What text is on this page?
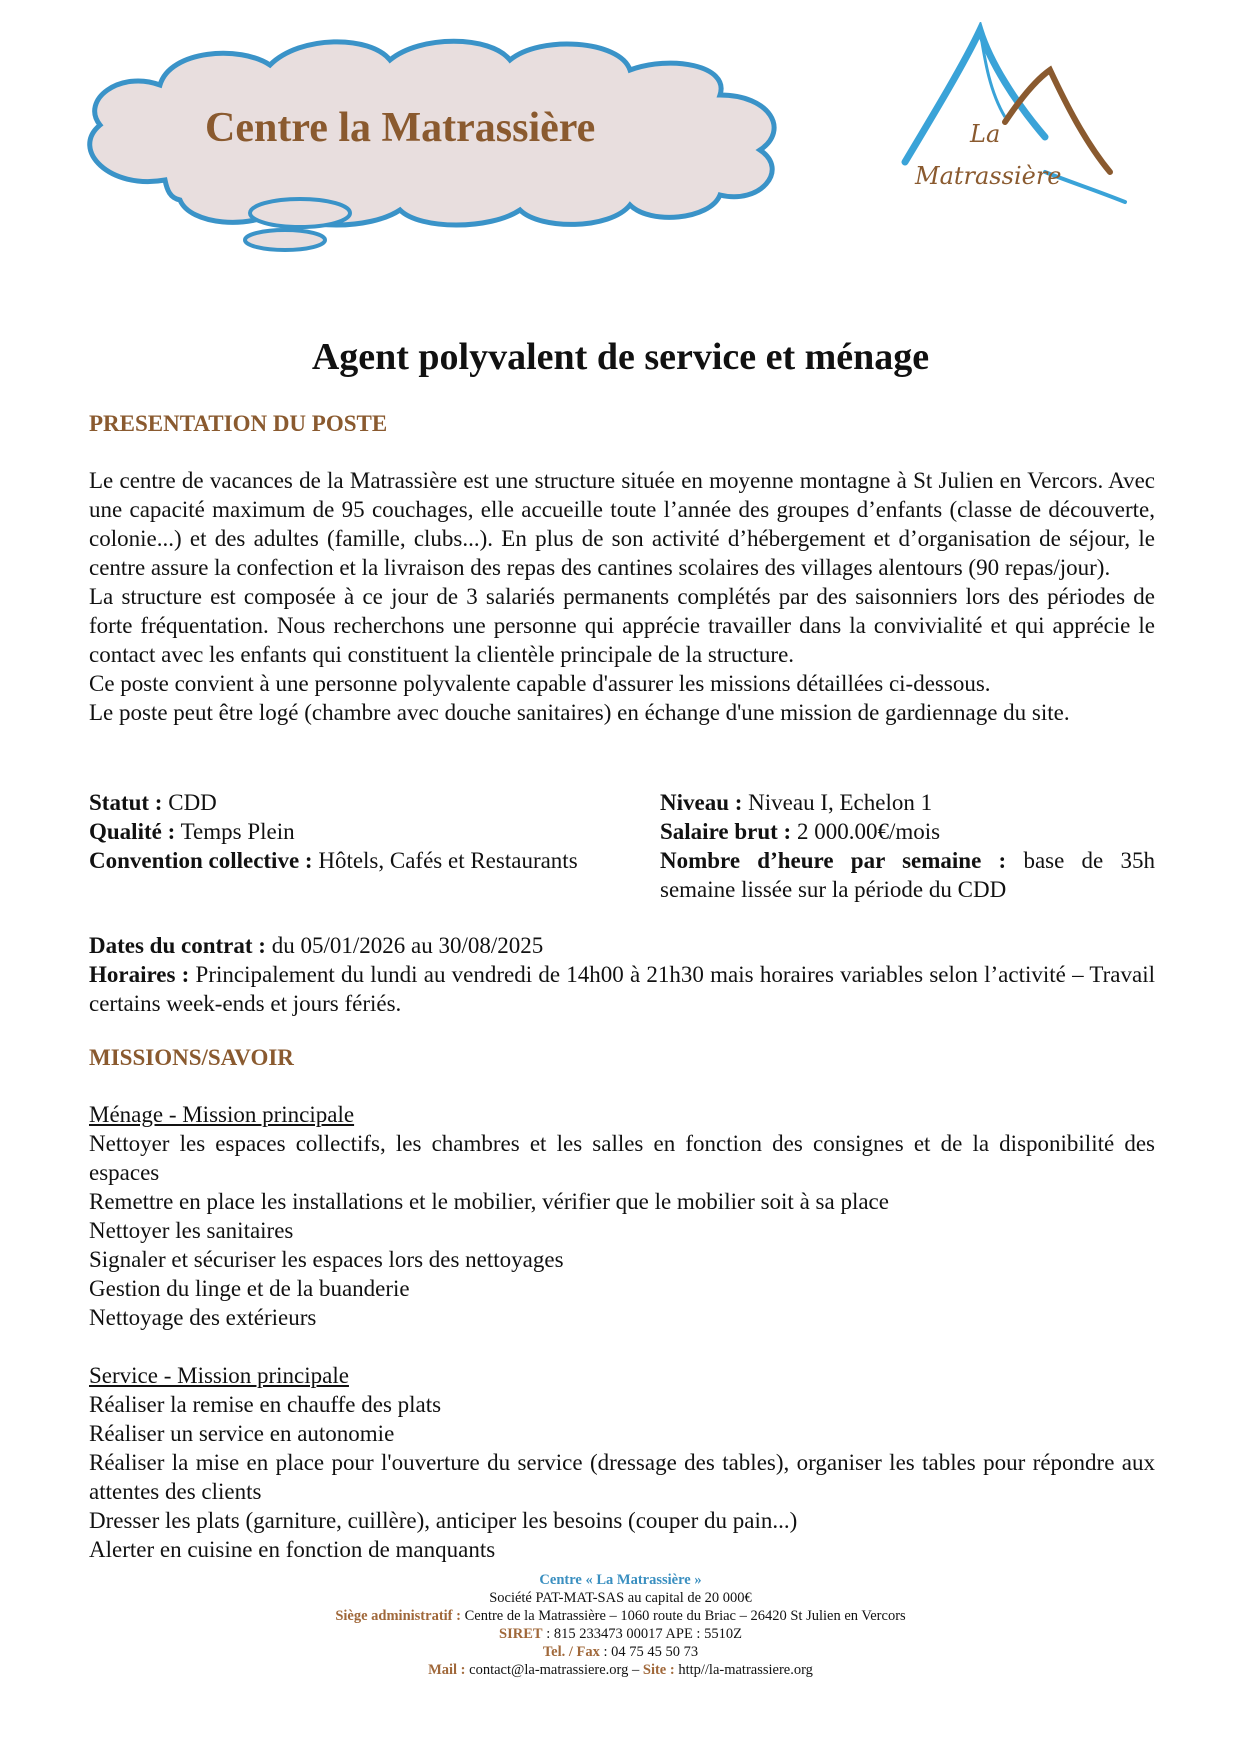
Centre la Matrassière	La
Matrassière
Agent polyvalent de service et ménage
PRESENTATION DU POSTE

Le centre de vacances de la Matrassière est une structure située en moyenne montagne à St Julien en Vercors. Avec une capacité maximum de 95 couchages, elle accueille toute l’année des groupes d’enfants (classe de découverte, colonie...) et des adultes (famille, clubs...). En plus de son activité d’hébergement et d’organisation de séjour, le centre assure la confection et la livraison des repas des cantines scolaires des villages alentours (90 repas/jour).

La structure est composée à ce jour de 3 salariés permanents complétés par des saisonniers lors des périodes de forte fréquentation. Nous recherchons une personne qui apprécie travailler dans la convivialité et qui apprécie le contact avec les enfants qui constituent la clientèle principale de la structure.

Ce poste convient à une personne polyvalente capable d'assurer les missions détaillées ci-dessous.

Le poste peut être logé (chambre avec douche sanitaires) en échange d'une mission de gardiennage du site.

Statut : CDD

Qualité : Temps Plein

Convention collective : Hôtels, Cafés et Restaurants

Niveau : Niveau I, Echelon 1

Salaire brut : 2 000.00€/mois

Nombre d’heure par semaine : base de 35h semaine lissée sur la période du CDD

Dates du contrat : du 05/01/2026 au 30/08/2025

Horaires : Principalement du lundi au vendredi de 14h00 à 21h30 mais horaires variables selon l’activité – Travail certains week-ends et jours fériés.

MISSIONS/SAVOIR

Ménage - Mission principale

Nettoyer les espaces collectifs, les chambres et les salles en fonction des consignes et de la disponibilité des espaces

Remettre en place les installations et le mobilier, vérifier que le mobilier soit à sa place

Nettoyer les sanitaires

Signaler et sécuriser les espaces lors des nettoyages

Gestion du linge et de la buanderie

Nettoyage des extérieurs

Service - Mission principale

Réaliser la remise en chauffe des plats

Réaliser un service en autonomie

Réaliser la mise en place pour l'ouverture du service (dressage des tables), organiser les tables pour répondre aux attentes des clients

Dresser les plats (garniture, cuillère), anticiper les besoins (couper du pain...)

Alerter en cuisine en fonction de manquants

Centre « La Matrassière »

Société PAT-MAT-SAS au capital de 20 000€

Siège administratif : Centre de la Matrassière – 1060 route du Briac – 26420 St Julien en Vercors

SIRET : 815 233473 00017 APE : 5510Z

Tel. / Fax : 04 75 45 50 73

Mail : contact@la-matrassiere.org – Site : http//la-matrassiere.org
